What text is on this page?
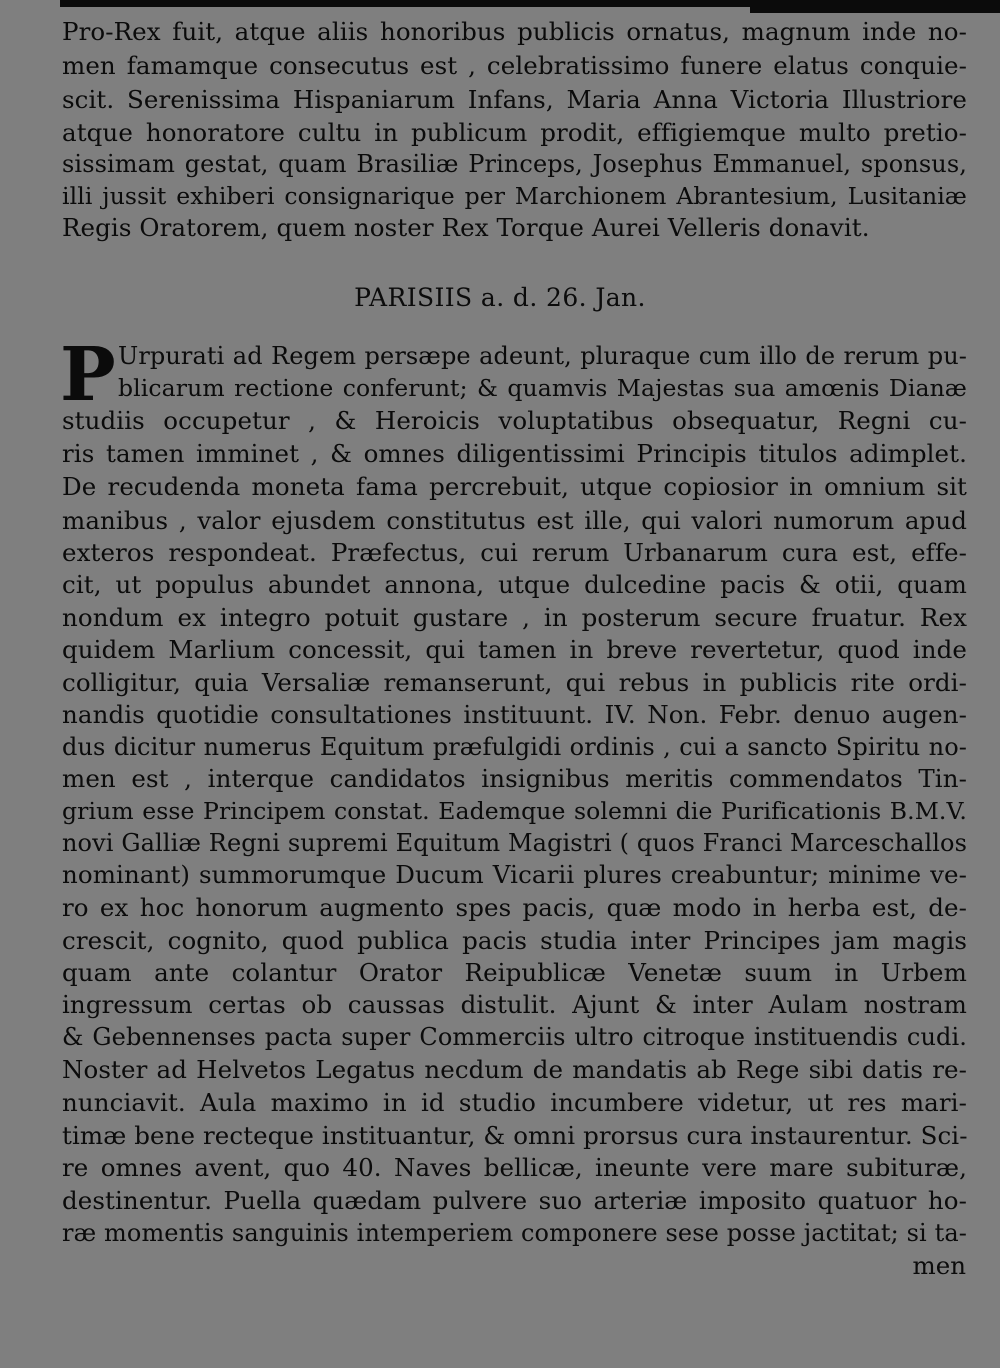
Pro-Rex fuit, atque aliis honoribus publicis ornatus, magnum inde no-
men famamque consecutus est , celebratissimo funere elatus conquie-
scit. Serenissima Hispaniarum Infans, Maria Anna Victoria Illustriore
atque honoratore cultu in publicum prodit, effigiemque multo pretio-
sissimam gestat, quam Brasiliæ Princeps, Josephus Emmanuel, sponsus,
illi jussit exhiberi consignarique per Marchionem Abrantesium, Lusitaniæ
Regis Oratorem, quem noster Rex Torque Aurei Velleris donavit.
PARISIIS a. d. 26. Jan.
P Urpurati ad Regem persæpe adeunt, pluraque cum illo de rerum pu-
blicarum rectione conferunt; & quamvis Majestas sua amœnis Dianæ
studiis occupetur , & Heroicis voluptatibus obsequatur, Regni cu-
ris tamen imminet , & omnes diligentissimi Principis titulos adimplet.
De recudenda moneta fama percrebuit, utque copiosior in omnium sit
manibus , valor ejusdem constitutus est ille, qui valori numorum apud
exteros respondeat. Præfectus, cui rerum Urbanarum cura est, effe-
cit, ut populus abundet annona, utque dulcedine pacis & otii, quam
nondum ex integro potuit gustare , in posterum secure fruatur. Rex
quidem Marlium concessit, qui tamen in breve revertetur, quod inde
colligitur, quia Versaliæ remanserunt, qui rebus in publicis rite ordi-
nandis quotidie consultationes instituunt. IV. Non. Febr. denuo augen-
dus dicitur numerus Equitum præfulgidi ordinis , cui a sancto Spiritu no-
men est , interque candidatos insignibus meritis commendatos Tin-
grium esse Principem constat. Eademque solemni die Purificationis B.M.V.
novi Galliæ Regni supremi Equitum Magistri ( quos Franci Marceschallos
nominant) summorumque Ducum Vicarii plures creabuntur; minime ve-
ro ex hoc honorum augmento spes pacis, quæ modo in herba est, de-
crescit, cognito, quod publica pacis studia inter Principes jam magis
quam ante colantur Orator Reipublicæ Venetæ suum in Urbem
ingressum certas ob caussas distulit. Ajunt & inter Aulam nostram
& Gebennenses pacta super Commerciis ultro citroque instituendis cudi.
Noster ad Helvetos Legatus necdum de mandatis ab Rege sibi datis re-
nunciavit. Aula maximo in id studio incumbere videtur, ut res mari-
timæ bene recteque instituantur, & omni prorsus cura instaurentur. Sci-
re omnes avent, quo 40. Naves bellicæ, ineunte vere mare subituræ,
destinentur. Puella quædam pulvere suo arteriæ imposito quatuor ho-
ræ momentis sanguinis intemperiem componere sese posse jactitat; si ta-
men
